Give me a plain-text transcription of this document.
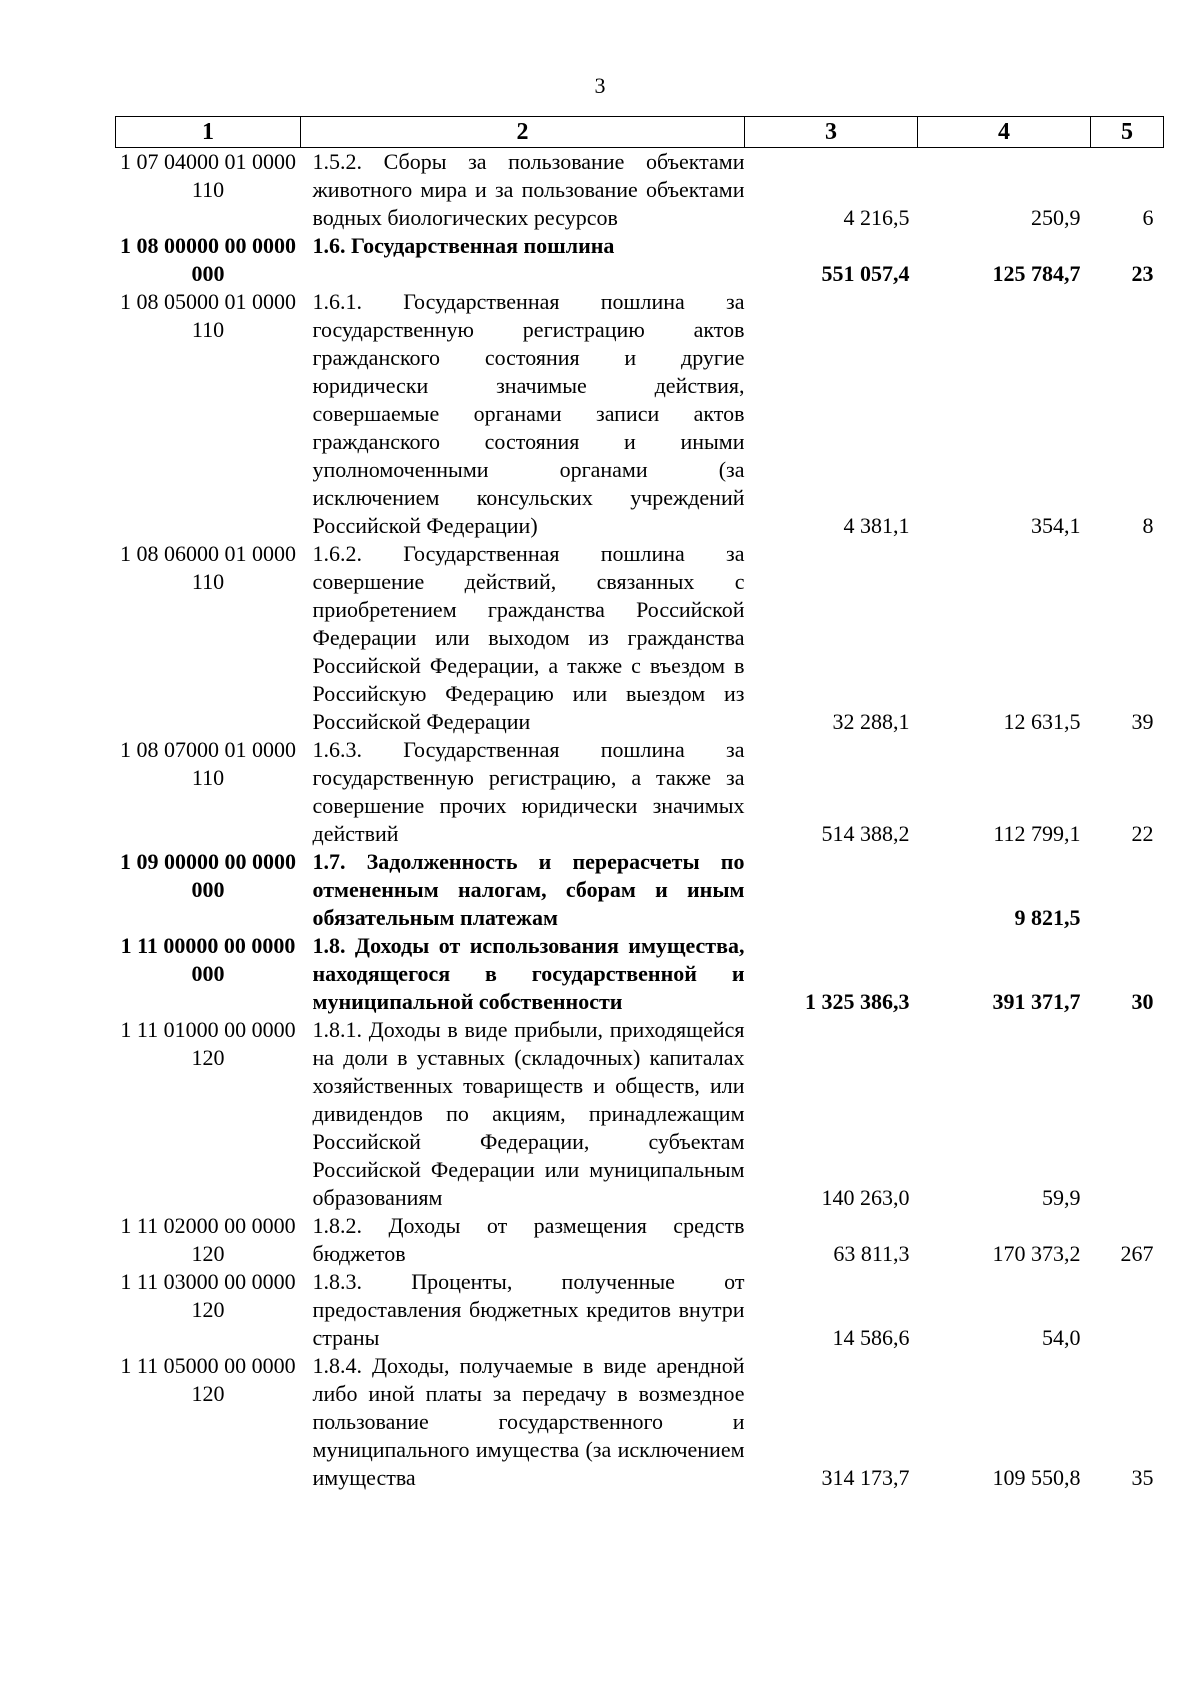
3
1	2	3	4	5
1 07 04000 01 0000 110	1.5.2. Сборы за пользование объектами животного мира и за пользование объектами водных биологических ресурсов	4 216,5	250,9	6
1 08 00000 00 0000 000	1.6. Государственная пошлина	551 057,4	125 784,7	23
1 08 05000 01 0000 110	1.6.1. Государственная пошлина за государственную регистрацию актов гражданского состояния и другие юридически значимые действия, совершаемые органами записи актов гражданского состояния и иными уполномоченными органами (за исключением консульских учреждений Российской Федерации)	4 381,1	354,1	8
1 08 06000 01 0000 110	1.6.2. Государственная пошлина за совершение действий, связанных с приобретением гражданства Российской Федерации или выходом из гражданства Российской Федерации, а также с въездом в Российскую Федерацию или выездом из Российской Федерации	32 288,1	12 631,5	39
1 08 07000 01 0000 110	1.6.3. Государственная пошлина за государственную регистрацию, а также за совершение прочих юридически значимых действий	514 388,2	112 799,1	22
1 09 00000 00 0000 000	1.7. Задолженность и перерасчеты по отмененным налогам, сборам и иным обязательным платежам		9 821,5	
1 11 00000 00 0000 000	1.8. Доходы от использования имущества, находящегося в государственной и муниципальной собственности	1 325 386,3	391 371,7	30
1 11 01000 00 0000 120	1.8.1. Доходы в виде прибыли, приходящейся на доли в уставных (складочных) капиталах хозяйственных товариществ и обществ, или дивидендов по акциям, принадлежащим Российской Федерации, субъектам Российской Федерации или муниципальным образованиям	140 263,0	59,9	
1 11 02000 00 0000 120	1.8.2. Доходы от размещения средств бюджетов	63 811,3	170 373,2	267
1 11 03000 00 0000 120	1.8.3. Проценты, полученные от предоставления бюджетных кредитов внутри страны	14 586,6	54,0	
1 11 05000 00 0000 120	1.8.4. Доходы, получаемые в виде арендной либо иной платы за передачу в возмездное пользование государственного и муниципального имущества (за исключением имущества	314 173,7	109 550,8	35
